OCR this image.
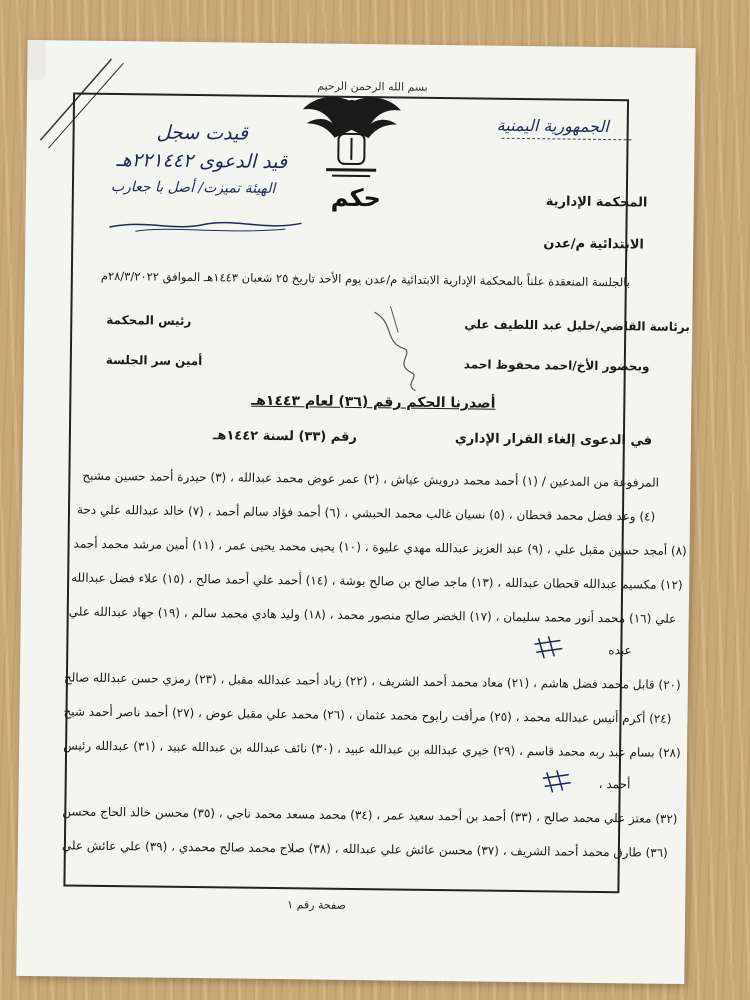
الجمهورية اليمنية
بسم الله الرحمن الرحيم
حكم
قيدت سجل
قيد الدعوى ٢٢١٤٤٢هـ
الهيئة تميزت/ أصل با جعارب
المحكمة الإدارية
الابتدائية م/عدن
بالجلسة المنعقدة علناً بالمحكمة الإدارية الابتدائية م/عدن يوم الأحد تاريخ ٢٥ شعبان ١٤٤٣هـ الموافق ٢٨/٣/٢٠٢٢م
برئاسة القاضي/خليل عبد اللطيف علي
رئيس المحكمة
وبحضور الأخ/احمد محفوظ احمد
أمين سر الجلسة
أصدرنا الحكم رقم (٣٦) لعام ١٤٤٣هـ
في الدعوى إلغاء القرار الإداري
رقم (٣٣) لسنة ١٤٤٢هـ
المرفوعة من المدعين / (١) أحمد محمد درويش عياش ، (٢) عمر عوض محمد عبدالله ، (٣) حيدرة أحمد حسين مشبح
(٤) وعد فضل محمد قحطان ، (٥) نسيان غالب محمد الحبشي ، (٦) أحمد فؤاد سالم أحمد ، (٧) خالد عبدالله علي دحة
(٨) أمجد حسين مقبل علي ، (٩) عبد العزيز عبدالله مهدي عليوة ، (١٠) يحيى محمد يحيى عمر ، (١١) أمين مرشد محمد أحمد
(١٢) مكسيم عبدالله قحطان عبدالله ، (١٣) ماجد صالح بن صالح بوشة ، (١٤) أحمد علي أحمد صالح ، (١٥) علاء فضل عبدالله
علي (١٦) محمد أنور محمد سليمان ، (١٧) الخضر صالح منصور محمد ، (١٨) وليد هادي محمد سالم ، (١٩) جهاد عبدالله علي
عبده
(٢٠) قابل محمد فضل هاشم ، (٢١) معاد محمد أحمد الشريف ، (٢٢) زياد أحمد عبدالله مقبل ، (٢٣) رمزي حسن عبدالله صالح
(٢٤) أكرم أنيس عبدالله محمد ، (٢٥) مرأفت رايوح محمد عثمان ، (٢٦) محمد علي مقبل عوض ، (٢٧) أحمد ناصر أحمد شيخ
(٢٨) بسام عبد ربه محمد قاسم ، (٢٩) خيري عبدالله بن عبدالله عبيد ، (٣٠) نائف عبدالله بن عبدالله عبيد ، (٣١) عبدالله رئيس
أحمد ،
(٣٢) معتز علي محمد صالح ، (٣٣) أحمد بن أحمد سعيد عمر ، (٣٤) محمد مسعد محمد ناجي ، (٣٥) محسن خالد الحاج محسن
(٣٦) طارق محمد أحمد الشريف ، (٣٧) محسن عائش علي عبدالله ، (٣٨) صلاح محمد صالح محمدي ، (٣٩) علي عائش علي
صفحة رقم ١
